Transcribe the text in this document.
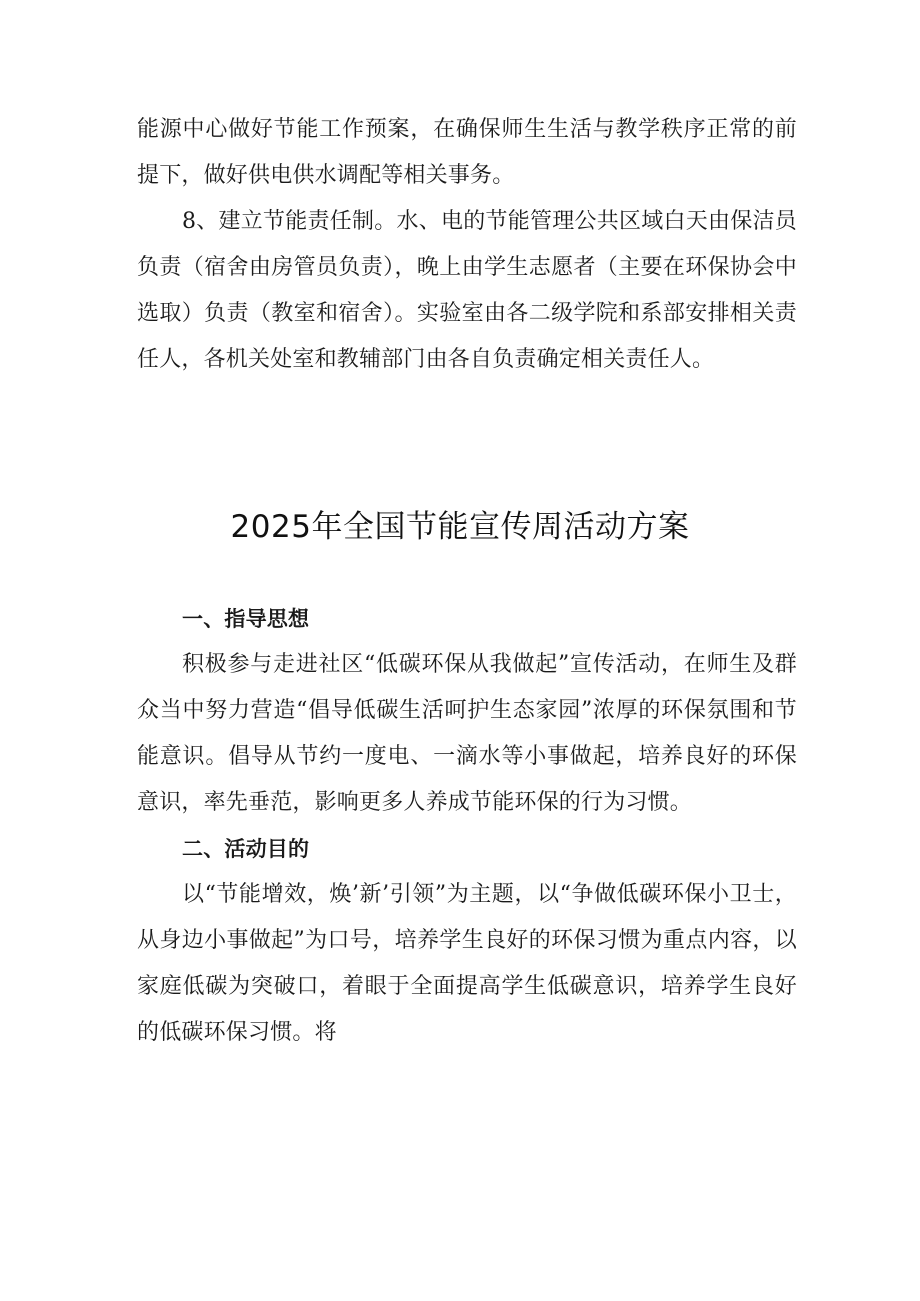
能源中心做好节能工作预案，在确保师生生活与教学秩序正常的前提下，做好供电供水调配等相关事务。

8、建立节能责任制。水、电的节能管理公共区域白天由保洁员负责（宿舍由房管员负责），晚上由学生志愿者（主要在环保协会中选取）负责（教室和宿舍）。实验室由各二级学院和系部安排相关责任人，各机关处室和教辅部门由各自负责确定相关责任人。

2025年全国节能宣传周活动方案

一、指导思想

积极参与走进社区“低碳环保从我做起”宣传活动，在师生及群众当中努力营造“倡导低碳生活呵护生态家园”浓厚的环保氛围和节能意识。倡导从节约一度电、一滴水等小事做起，培养良好的环保意识，率先垂范，影响更多人养成节能环保的行为习惯。

二、活动目的

以“节能增效，焕’新’引领”为主题，以“争做低碳环保小卫士，从身边小事做起”为口号，培养学生良好的环保习惯为重点内容，以家庭低碳为突破口，着眼于全面提高学生低碳意识，培养学生良好的低碳环保习惯。将
